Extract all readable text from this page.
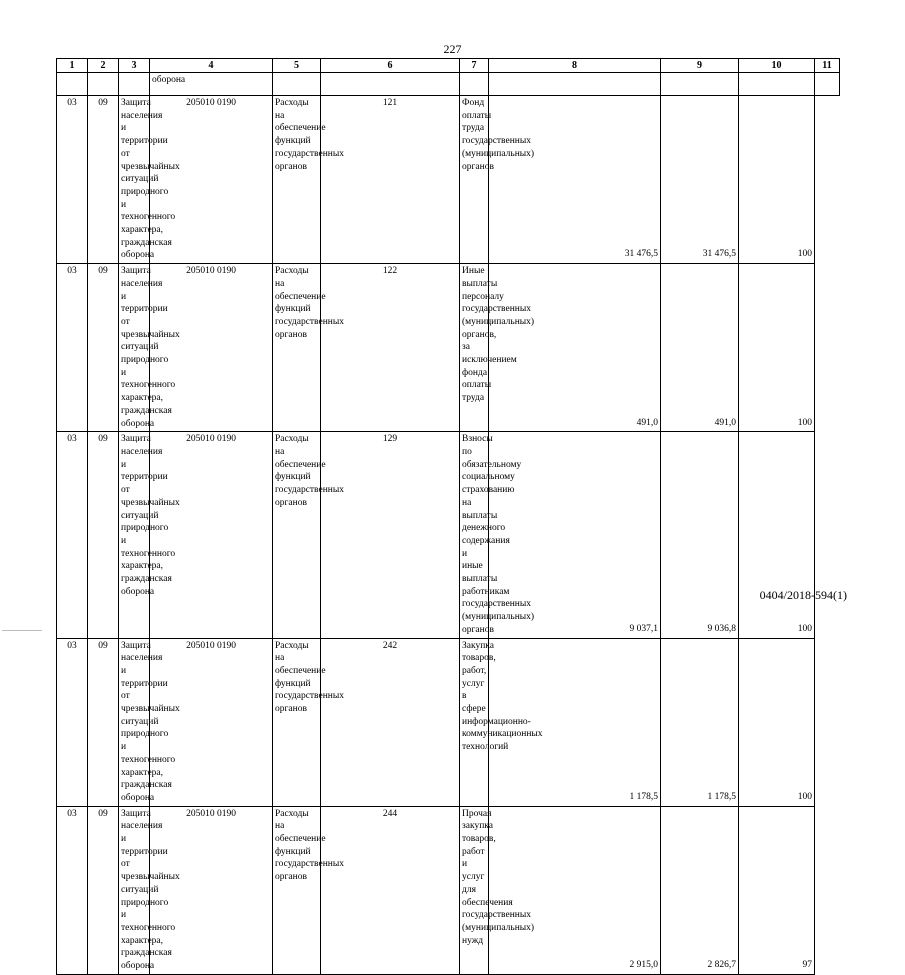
227
1	2	3	4	5	6	7	8	9	10	11
			оборона							
03	09	Защита населения и территории от чрезвычайных ситуаций природного и техногенного характера, гражданская оборона	205010 0190	Расходы на обеспечение функций государственных органов	121	Фонд оплаты труда государственных (муниципальных) органов	31 476,5	31 476,5	100	
03	09	Защита населения и территории от чрезвычайных ситуаций природного и техногенного характера, гражданская оборона	205010 0190	Расходы на обеспечение функций государственных органов	122	Иные выплаты персоналу государственных (муниципальных) органов, за исключением фонда оплаты труда	491,0	491,0	100	
03	09	Защита населения и территории от чрезвычайных ситуаций природного и техногенного характера, гражданская оборона	205010 0190	Расходы на обеспечение функций государственных органов	129	Взносы по обязательному социальному страхованию на выплаты денежного содержания и иные выплаты работникам государственных (муниципальных) органов	9 037,1	9 036,8	100	
03	09	Защита населения и территории от чрезвычайных ситуаций природного и техногенного характера, гражданская оборона	205010 0190	Расходы на обеспечение функций государственных органов	242	Закупка товаров, работ, услуг в сфере информационно-коммуникационных технологий	1 178,5	1 178,5	100	
03	09	Защита населения и территории от чрезвычайных ситуаций природного и техногенного характера, гражданская оборона	205010 0190	Расходы на обеспечение функций государственных органов	244	Прочая закупка товаров, работ и услуг для обеспечения государственных (муниципальных) нужд	2 915,0	2 826,7	97	
0404/2018-594(1)
